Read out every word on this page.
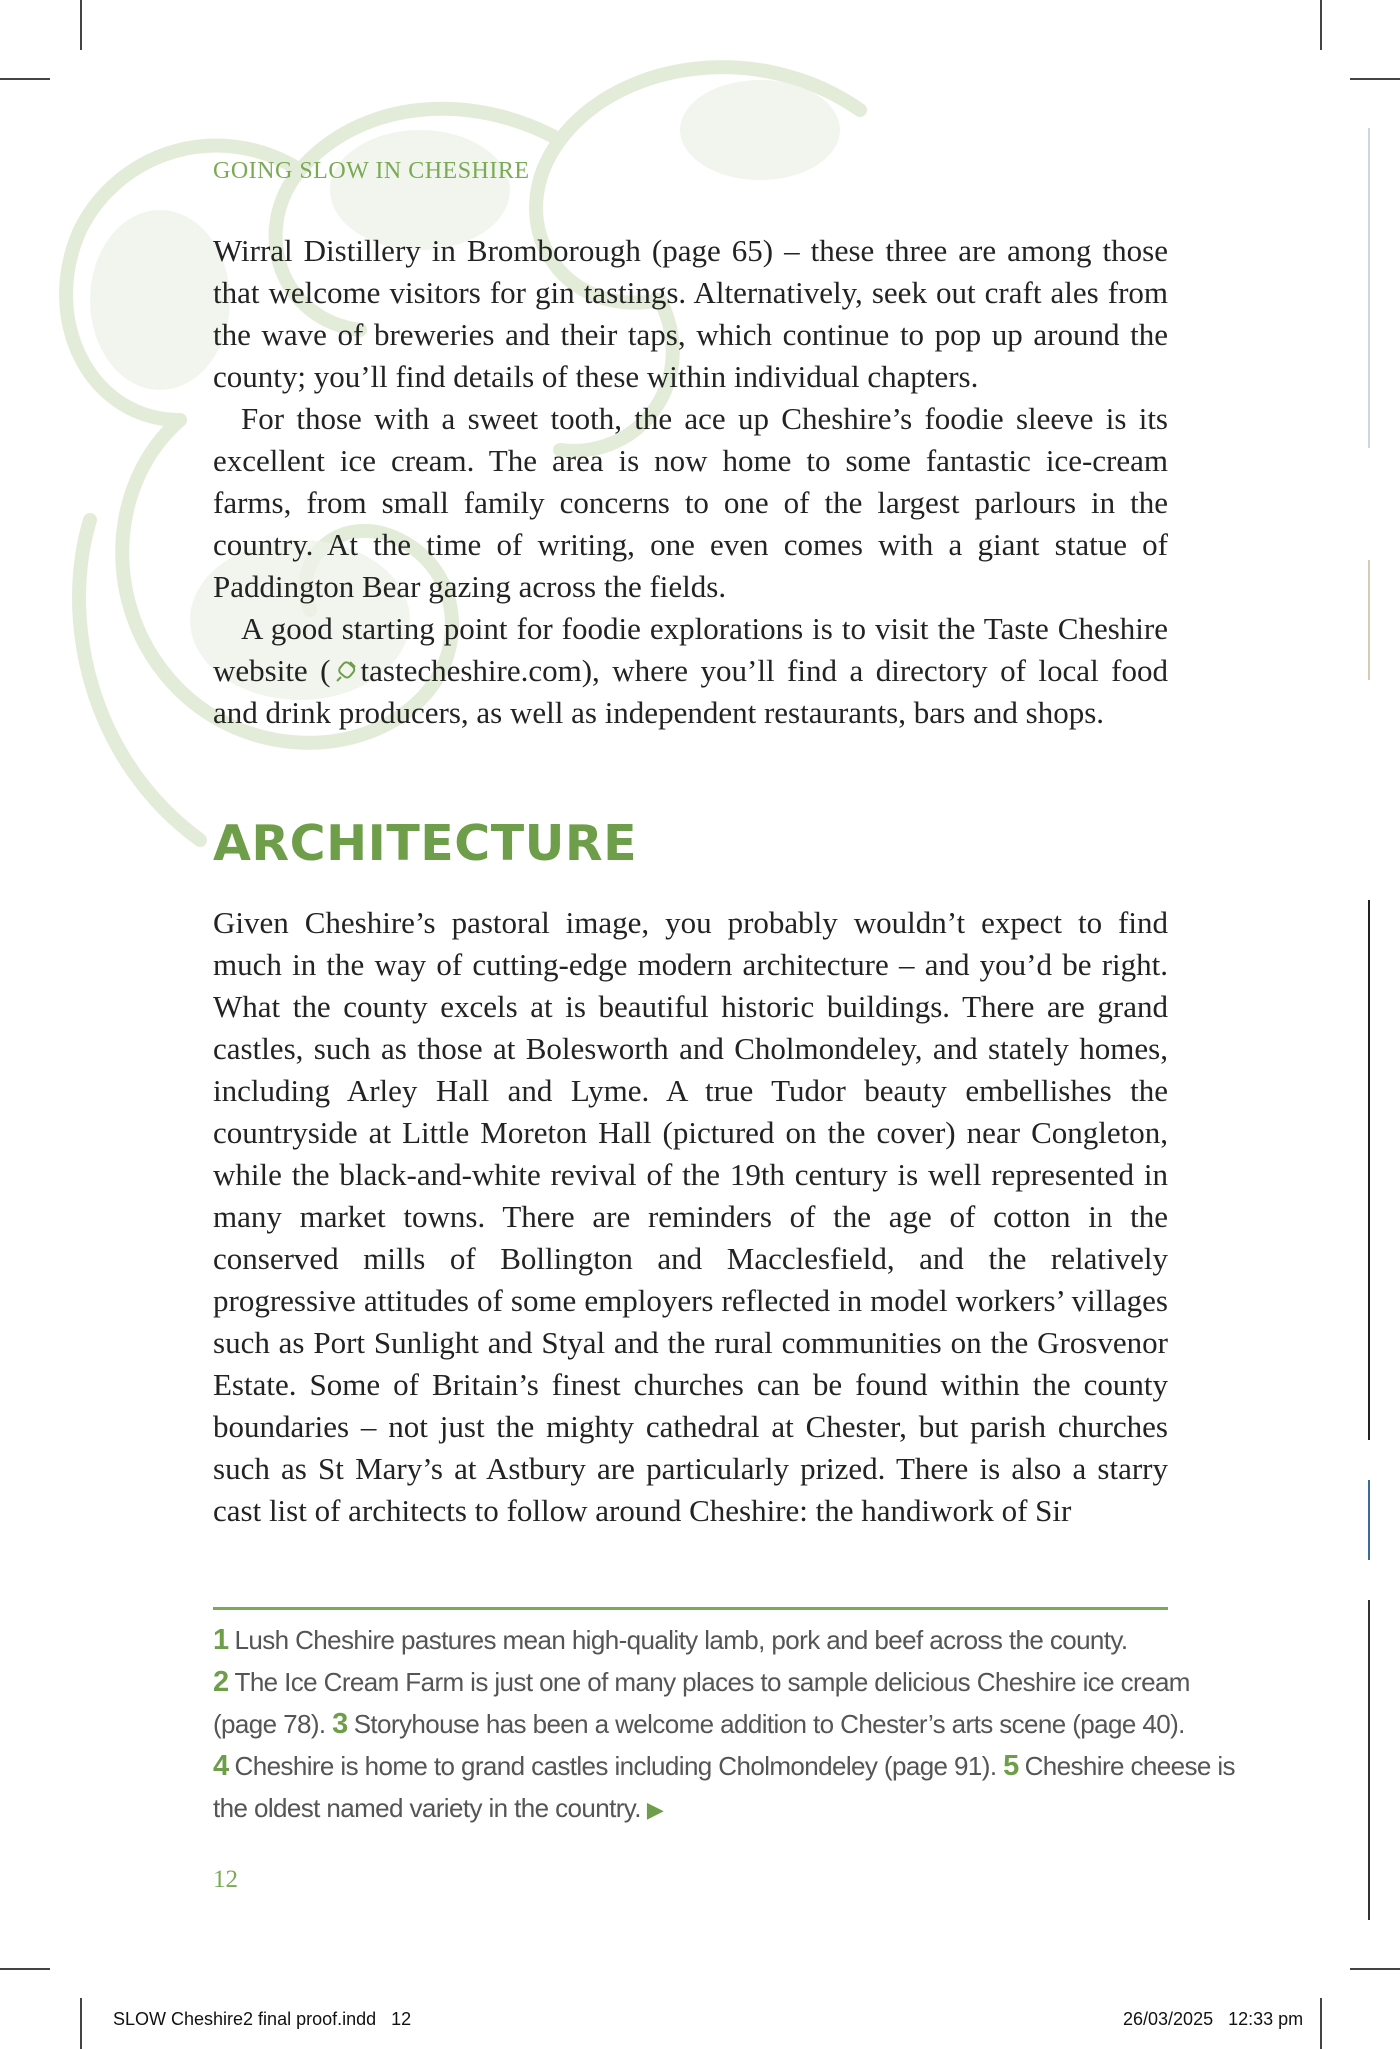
GOING SLOW IN CHESHIRE

Wirral Distillery in Bromborough (page 65) – these three are among those that welcome visitors for gin tastings. Alternatively, seek out craft ales from the wave of breweries and their taps, which continue to pop up around the county; you’ll find details of these within individual chapters.

For those with a sweet tooth, the ace up Cheshire’s foodie sleeve is its excellent ice cream. The area is now home to some fantastic ice-cream farms, from small family concerns to one of the largest parlours in the country. At the time of writing, one even comes with a giant statue of Paddington Bear gazing across the fields.

A good starting point for foodie explorations is to visit the Taste Cheshire website ( tastecheshire.com), where you’ll find a directory of local food and drink producers, as well as independent restaurants, bars and shops.

ARCHITECTURE

Given Cheshire’s pastoral image, you probably wouldn’t expect to find much in the way of cutting-edge modern architecture – and you’d be right. What the county excels at is beautiful historic buildings. There are grand castles, such as those at Bolesworth and Cholmondeley, and stately homes, including Arley Hall and Lyme. A true Tudor beauty embellishes the countryside at Little Moreton Hall (pictured on the cover) near Congleton, while the black-and-white revival of the 19th century is well represented in many market towns. There are reminders of the age of cotton in the conserved mills of Bollington and Macclesfield, and the relatively progressive attitudes of some employers reflected in model workers’ villages such as Port Sunlight and Styal and the rural communities on the Grosvenor Estate. Some of Britain’s finest churches can be found within the county boundaries – not just the mighty cathedral at Chester, but parish churches such as St Mary’s at Astbury are particularly prized. There is also a starry cast list of architects to follow around Cheshire: the handiwork of Sir

1 Lush Cheshire pastures mean high-quality lamb, pork and beef across the county.

2 The Ice Cream Farm is just one of many places to sample delicious Cheshire ice cream

(page 78). 3 Storyhouse has been a welcome addition to Chester’s arts scene (page 40).

4 Cheshire is home to grand castles including Cholmondeley (page 91). 5 Cheshire cheese is

the oldest named variety in the country. ▶

12
SLOW Cheshire2 final proof.indd   12	26/03/2025   12:33 pm
